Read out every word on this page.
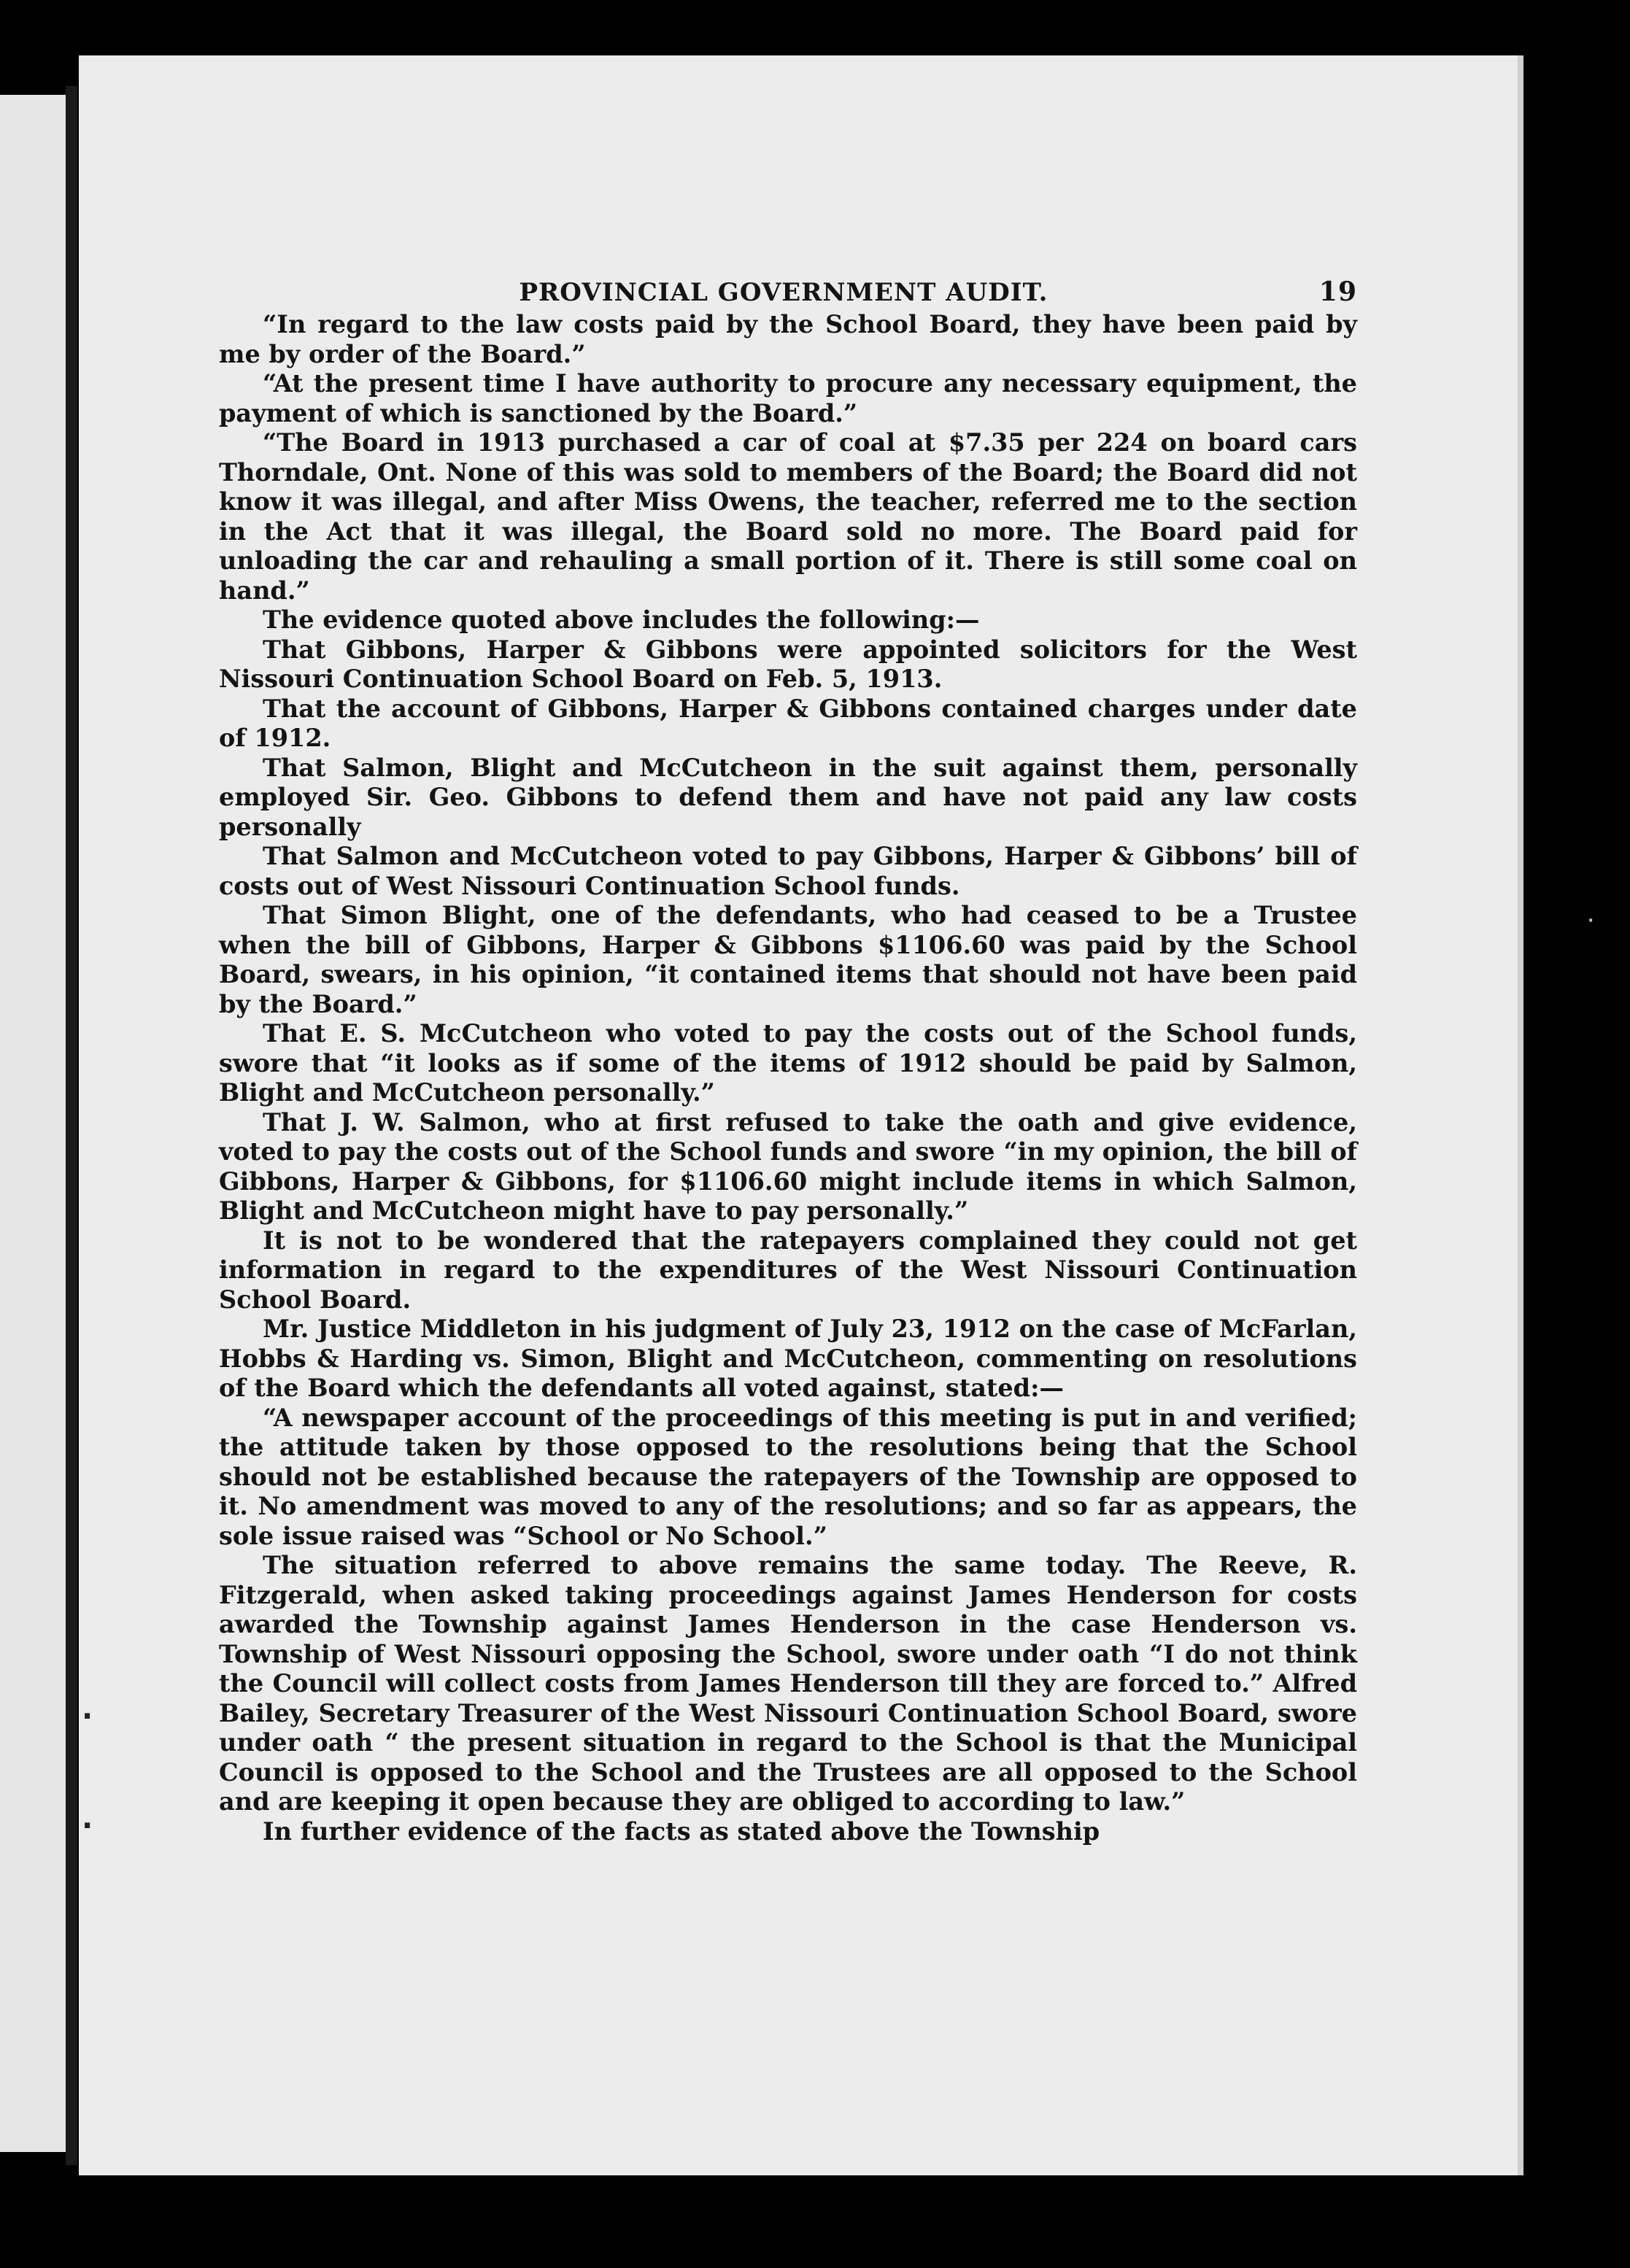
·
·
·
PROVINCIAL GOVERNMENT AUDIT.	19

“In regard to the law costs paid by the School Board, they have been paid by me by order of the Board.”

“At the present time I have authority to procure any necessary equipment, the payment of which is sanctioned by the Board.”

“The Board in 1913 purchased a car of coal at $7.35 per 224 on board cars Thorndale, Ont. None of this was sold to members of the Board; the Board did not know it was illegal, and after Miss Owens, the teacher, referred me to the section in the Act that it was illegal, the Board sold no more. The Board paid for unloading the car and rehauling a small portion of it. There is still some coal on hand.”

The evidence quoted above includes the following:—

That Gibbons, Harper & Gibbons were appointed solicitors for the West Nissouri Continuation School Board on Feb. 5, 1913.

That the account of Gibbons, Harper & Gibbons contained charges under date of 1912.

That Salmon, Blight and McCutcheon in the suit against them, personally employed Sir. Geo. Gibbons to defend them and have not paid any law costs personally

That Salmon and McCutcheon voted to pay Gibbons, Harper & Gibbons’ bill of costs out of West Nissouri Continuation School funds.

That Simon Blight, one of the defendants, who had ceased to be a Trustee when the bill of Gibbons, Harper & Gibbons $1106.60 was paid by the School Board, swears, in his opinion, “it contained items that should not have been paid by the Board.”

That E. S. McCutcheon who voted to pay the costs out of the School funds, swore that “it looks as if some of the items of 1912 should be paid by Salmon, Blight and McCutcheon personally.”

That J. W. Salmon, who at first refused to take the oath and give evidence, voted to pay the costs out of the School funds and swore “in my opinion, the bill of Gibbons, Harper & Gibbons, for $1106.60 might include items in which Salmon, Blight and McCutcheon might have to pay personally.”

It is not to be wondered that the ratepayers complained they could not get information in regard to the expenditures of the West Nissouri Continuation School Board.

Mr. Justice Middleton in his judgment of July 23, 1912 on the case of McFarlan, Hobbs & Harding vs. Simon, Blight and McCutcheon, commenting on resolutions of the Board which the defendants all voted against, stated:—

“A newspaper account of the proceedings of this meeting is put in and verified; the attitude taken by those opposed to the resolutions being that the School should not be established because the ratepayers of the Township are opposed to it. No amendment was moved to any of the resolutions; and so far as appears, the sole issue raised was “School or No School.”

The situation referred to above remains the same today. The Reeve, R. Fitzgerald, when asked taking proceedings against James Henderson for costs awarded the Township against James Henderson in the case Henderson vs. Township of West Nissouri opposing the School, swore under oath “I do not think the Council will collect costs from James Henderson till they are forced to.” Alfred Bailey, Secretary Treasurer of the West Nissouri Continuation School Board, swore under oath “ the present situation in regard to the School is that the Municipal Council is opposed to the School and the Trustees are all opposed to the School and are keeping it open because they are obliged to according to law.”

In further evidence of the facts as stated above the Township
